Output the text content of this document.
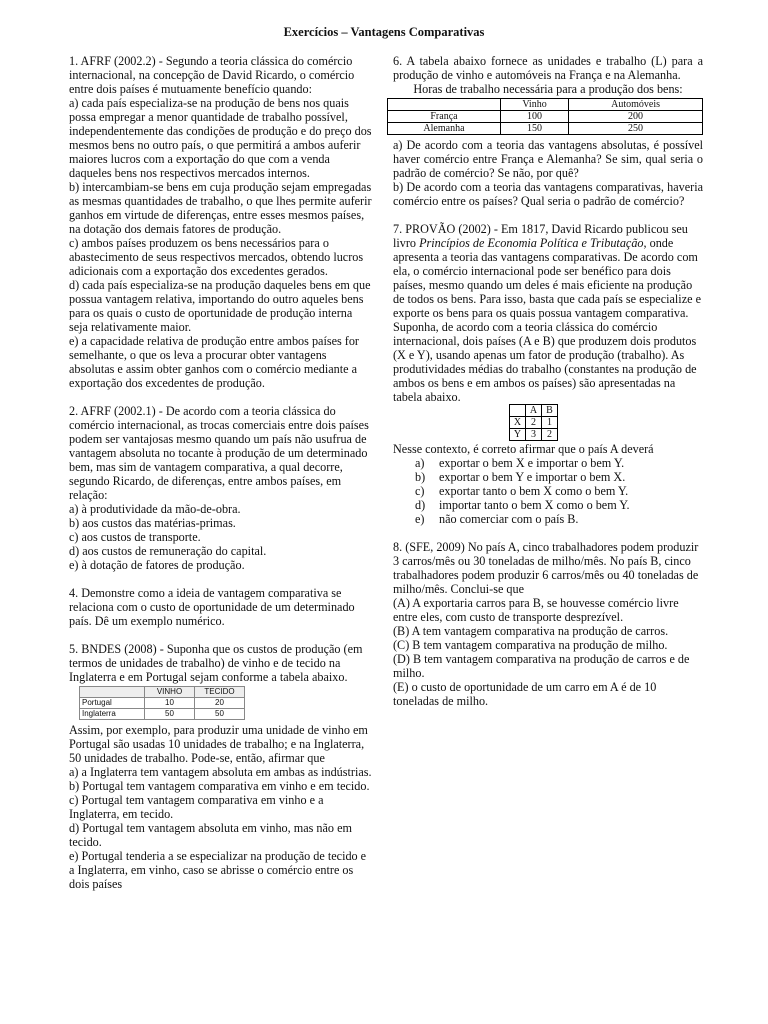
Exercícios – Vantagens Comparativas

1. AFRF (2002.2) - Segundo a teoria clássica do comércio internacional, na concepção de David Ricardo, o comércio entre dois países é mutuamente benefício quando:

a) cada país especializa-se na produção de bens nos quais possa empregar a menor quantidade de trabalho possível, independentemente das condições de produção e do preço dos mesmos bens no outro país, o que permitirá a ambos auferir maiores lucros com a exportação do que com a venda daqueles bens nos respectivos mercados internos.

b) intercambiam-se bens em cuja produção sejam empregadas as mesmas quantidades de trabalho, o que lhes permite auferir ganhos em virtude de diferenças, entre esses mesmos países, na dotação dos demais fatores de produção.

c) ambos países produzem os bens necessários para o abastecimento de seus respectivos mercados, obtendo lucros adicionais com a exportação dos excedentes gerados.

d) cada país especializa-se na produção daqueles bens em que possua vantagem relativa, importando do outro aqueles bens para os quais o custo de oportunidade de produção interna seja relativamente maior.

e) a capacidade relativa de produção entre ambos países for semelhante, o que os leva a procurar obter vantagens absolutas e assim obter ganhos com o comércio mediante a exportação dos excedentes de produção.

2. AFRF (2002.1) - De acordo com a teoria clássica do comércio internacional, as trocas comerciais entre dois países podem ser vantajosas mesmo quando um país não usufrua de vantagem absoluta no tocante à produção de um determinado bem, mas sim de vantagem comparativa, a qual decorre, segundo Ricardo, de diferenças, entre ambos países, em relação:

a) à produtividade da mão-de-obra.

b) aos custos das matérias-primas.

c) aos custos de transporte.

d) aos custos de remuneração do capital.

e) à dotação de fatores de produção.

4. Demonstre como a ideia de vantagem comparativa se relaciona com o custo de oportunidade de um determinado país. Dê um exemplo numérico.

5. BNDES (2008) - Suponha que os custos de produção (em termos de unidades de trabalho) de vinho e de tecido na Inglaterra e em Portugal sejam conforme a tabela abaixo.

	VINHO	TECIDO
Portugal	10	20
Inglaterra	50	50

Assim, por exemplo, para produzir uma unidade de vinho em Portugal são usadas 10 unidades de trabalho; e na Inglaterra, 50 unidades de trabalho. Pode-se, então, afirmar que

a) a Inglaterra tem vantagem absoluta em ambas as indústrias.

b) Portugal tem vantagem comparativa em vinho e em tecido.

c) Portugal tem vantagem comparativa em vinho e a Inglaterra, em tecido.

d) Portugal tem vantagem absoluta em vinho, mas não em tecido.

e) Portugal tenderia a se especializar na produção de tecido e a Inglaterra, em vinho, caso se abrisse o comércio entre os dois países

6. A tabela abaixo fornece as unidades e trabalho (L) para a produção de vinho e automóveis na França e na Alemanha.

Horas de trabalho necessária para a produção dos bens:

	Vinho	Automóveis
França	100	200
Alemanha	150	250

a) De acordo com a teoria das vantagens absolutas, é possível haver comércio entre França e Alemanha? Se sim, qual seria o padrão de comércio? Se não, por quê?

b) De acordo com a teoria das vantagens comparativas, haveria comércio entre os países? Qual seria o padrão de comércio?

7. PROVÃO (2002) - Em 1817, David Ricardo publicou seu livro Princípios de Economia Política e Tributação, onde apresenta a teoria das vantagens comparativas. De acordo com ela, o comércio internacional pode ser benéfico para dois países, mesmo quando um deles é mais eficiente na produção de todos os bens. Para isso, basta que cada país se especialize e exporte os bens para os quais possua vantagem comparativa. Suponha, de acordo com a teoria clássica do comércio internacional, dois países (A e B) que produzem dois produtos (X e Y), usando apenas um fator de produção (trabalho). As produtividades médias do trabalho (constantes na produção de ambos os bens e em ambos os países) são apresentadas na tabela abaixo.

	A	B
X	2	1
Y	3	2

Nesse contexto, é correto afirmar que o país A deverá

a) exportar o bem X e importar o bem Y.

b) exportar o bem Y e importar o bem X.

c) exportar tanto o bem X como o bem Y.

d) importar tanto o bem X como o bem Y.

e) não comerciar com o país B.

8. (SFE, 2009) No país A, cinco trabalhadores podem produzir 3 carros/mês ou 30 toneladas de milho/mês. No país B, cinco

trabalhadores podem produzir 6 carros/mês ou 40 toneladas de milho/mês. Conclui-se que

(A) A exportaria carros para B, se houvesse comércio livre entre eles, com custo de transporte desprezível.

(B) A tem vantagem comparativa na produção de carros.

(C) B tem vantagem comparativa na produção de milho.

(D) B tem vantagem comparativa na produção de carros e de milho.

(E) o custo de oportunidade de um carro em A é de 10 toneladas de milho.
